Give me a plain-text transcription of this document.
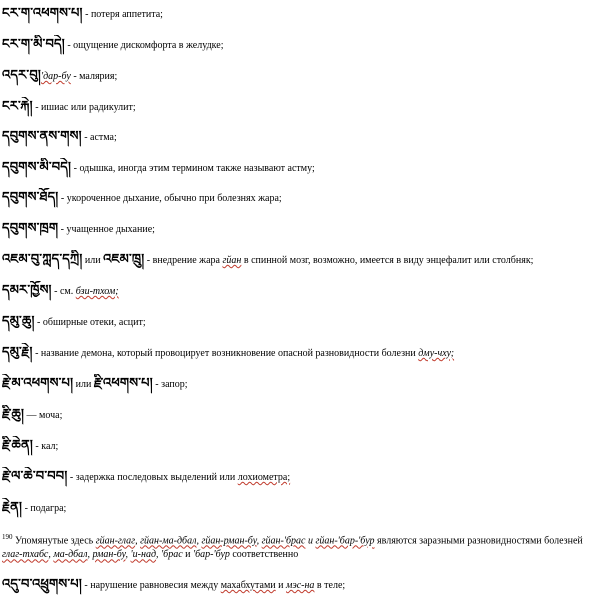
ངར་ག་འཕགས་པ། - потеря аппетита;
ངར་ག་མི་བདེ། - ощущение дискомфорта в желудке;
འདར་བུ།'дар-бу - малярия;
ངར་རྐེ། - ишиас или радикулит;
དབུགས་ནས་གས། - астма;
དབུགས་མི་བདེ། - одышка, иногда этим термином также называют астму;
དབུགས་ཐོད། - укороченное дыхание, обычно при болезнях жара;
དབུགས་ཁྲག - учащенное дыхание;
འཇམ་བུ་ཀླད་དཀྲི། или འཇམ་ཁྲུ། - внедрение жара гйан в спинной мозг, возможно, имеется в виду энцефалит или столбняк;
དམར་ཁྱོས། - см. бзи-тхом;
དམུ་ཆུ། - обширные отеки, асцит;
དམུ་རྗེ། - название демона, который провоцирует возникновение опасной разновидности болезни дму-чху;
རྗེ་མ་འཕགས་པ། или རྗི་འཕགས་པ། - запор;
རྗི་ཆུ། — моча;
རྗི་ཆེན། - кал;
རྗེ་ལ་ཆེ་བ་བབ། - задержка последовых выделений или лохиометра;
རྗེན། - подагра;
$^{190}$ Упомянутые здесь гйан-глаг, гйан-ма-дбал, гйан-рман-бу, гйан-'брас и гйан-'бар-'бур являются заразными разновидностями болезней глаг-тхабс, ма-дбал, рман-бу, 'и-над, 'брас и 'бар-'бур соответственно
འདུ་བ་འཕྲུགས་པ། - нарушение равновесия между махабхутами и мэс-на в теле;
